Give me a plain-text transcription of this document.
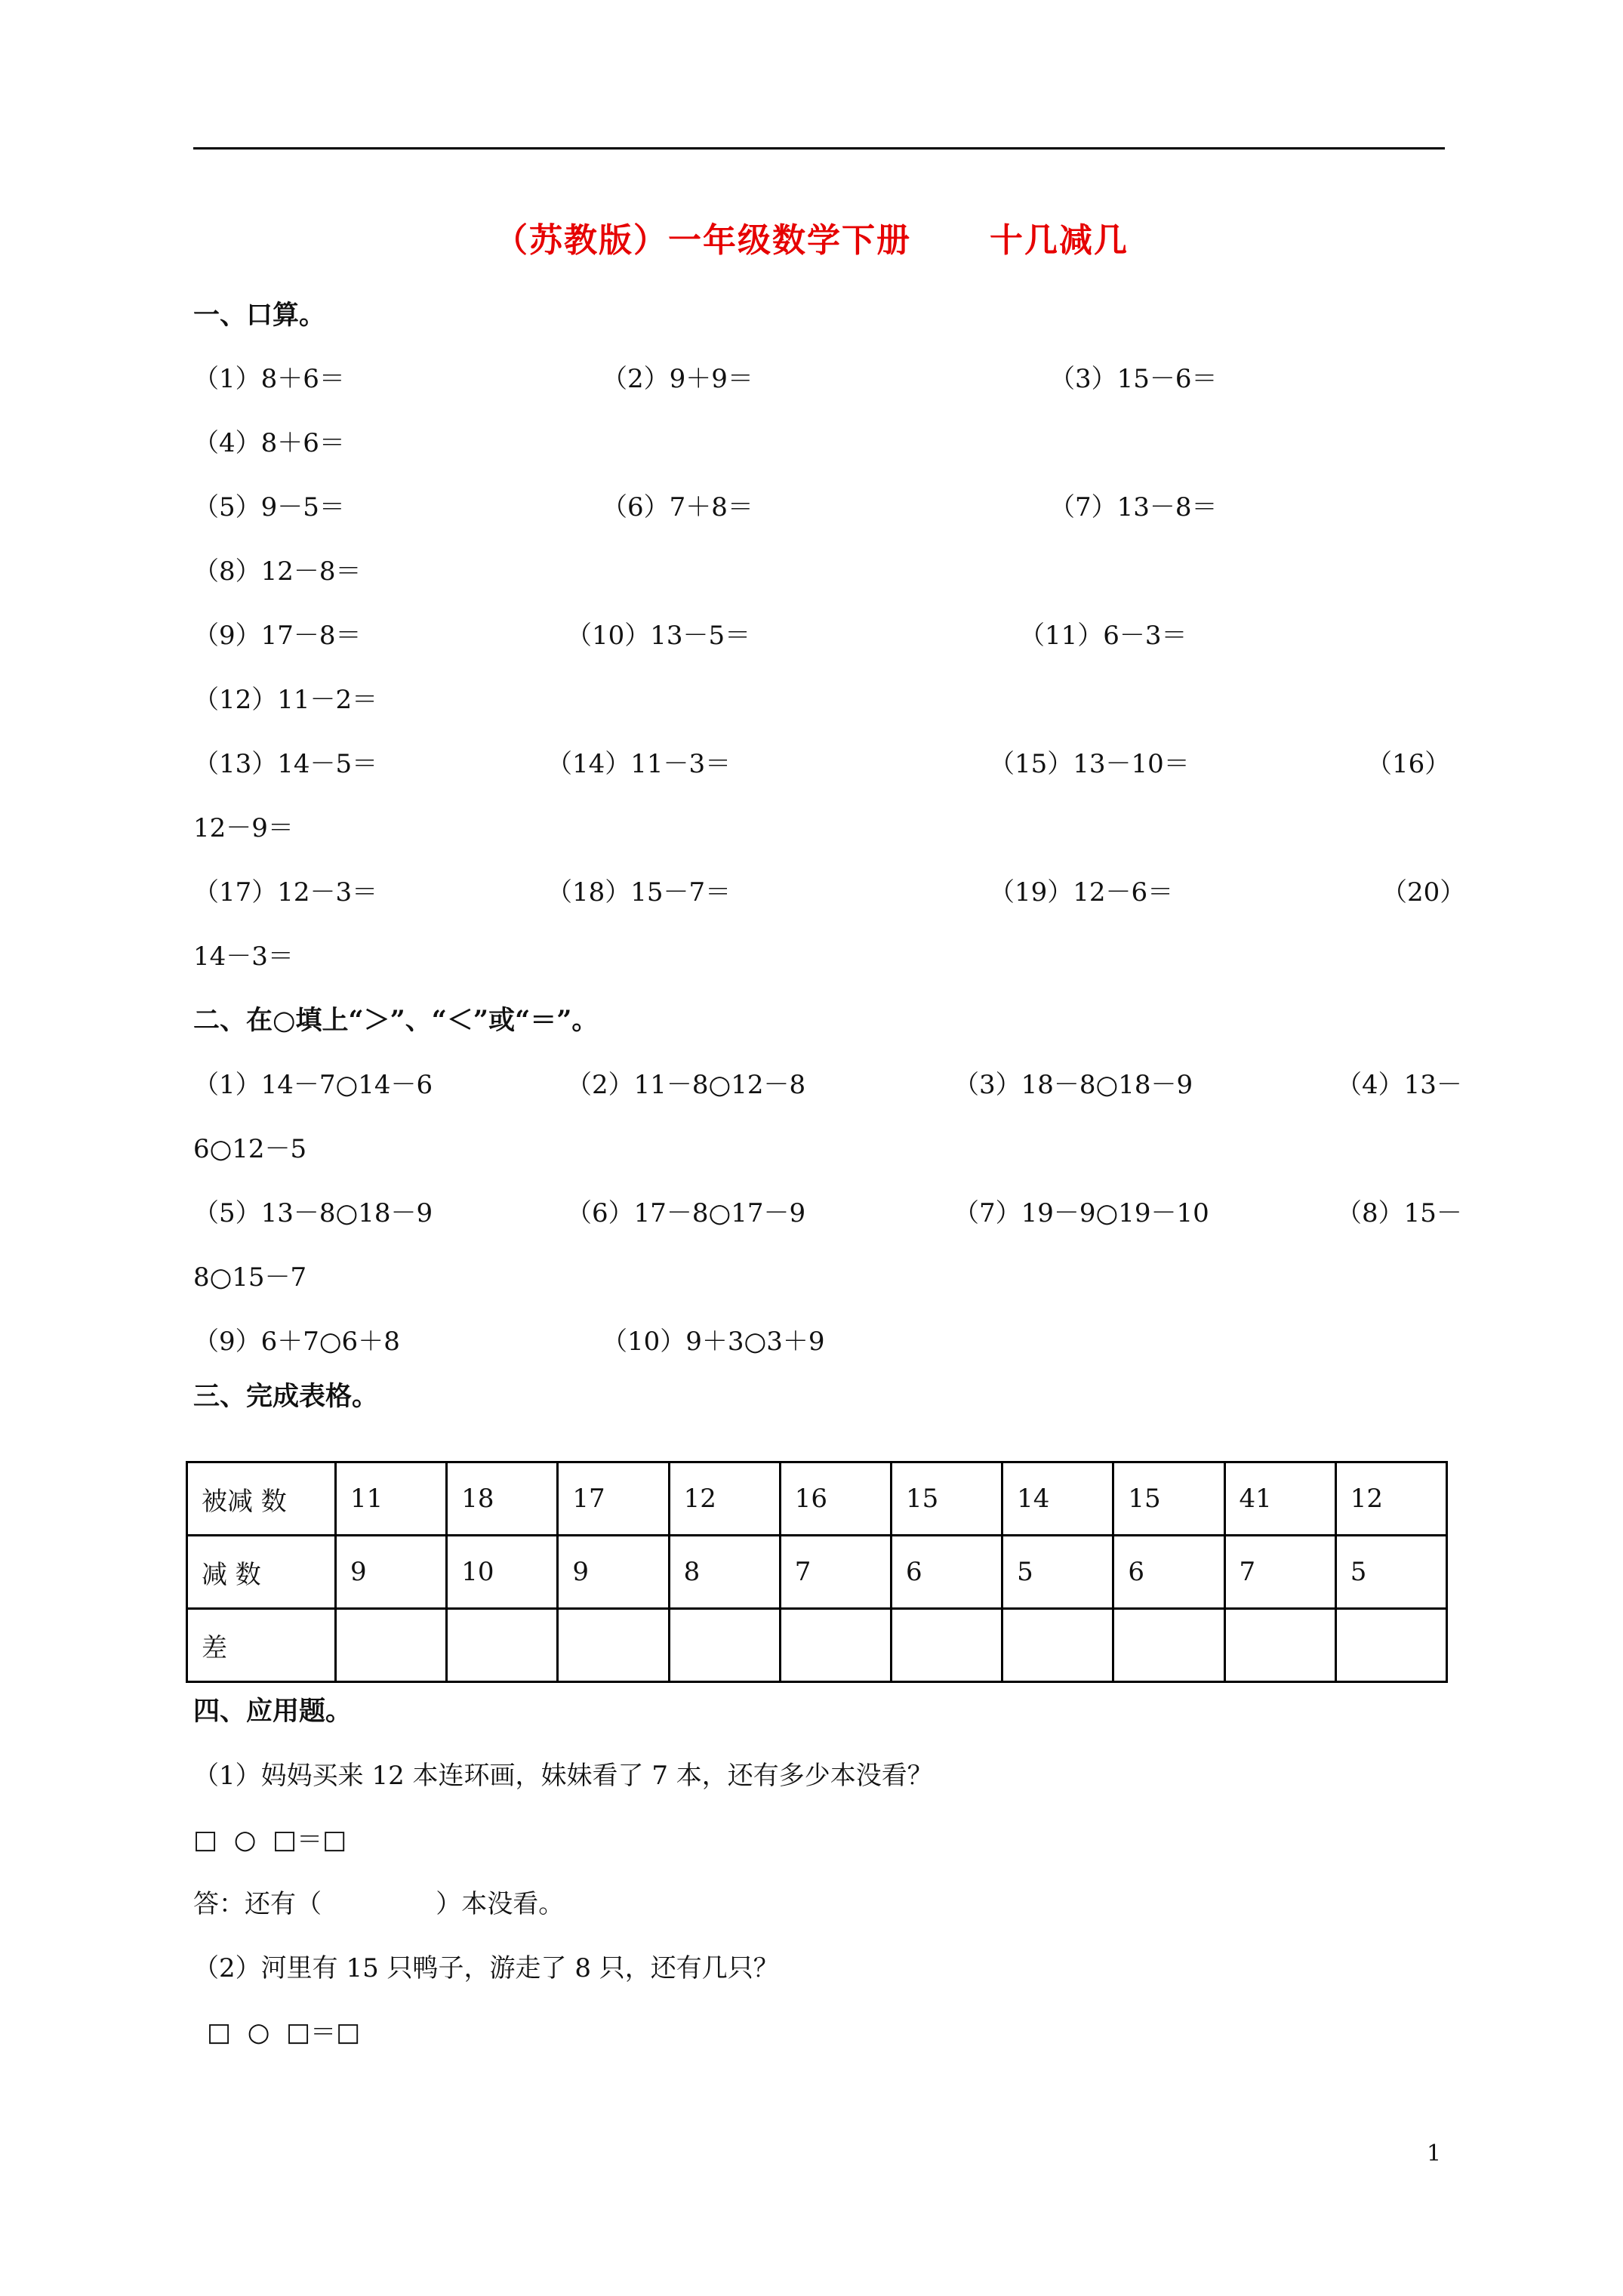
（苏教版）一年级数学下册      十几减几
一、口算。
（1）8＋6＝	（2）9＋9＝	（3）15－6＝
（4）8＋6＝
（5）9－5＝	（6）7＋8＝	（7）13－8＝
（8）12－8＝
（9）17－8＝	（10）13－5＝	（11）6－3＝
（12）11－2＝
（13）14－5＝	（14）11－3＝	（15）13－10＝	（16）
12－9＝
（17）12－3＝	（18）15－7＝	（19）12－6＝	（20）
14－3＝
二、在○填上“＞”、“＜”或“＝”。
（1）14－7○14－6	（2）11－8○12－8	（3）18－8○18－9	（4）13－
6○12－5
（5）13－8○18－9	（6）17－8○17－9	（7）19－9○19－10	（8）15－
8○15－7
（9）6＋7○6＋8	（10）9＋3○3＋9
三、完成表格。
被减 数	11	18	17	12	16	15	14	15	41	12
减 数	9	10	9	8	7	6	5	6	7	5
差										
四、应用题。
（1）妈妈买来 12 本连环画，妹妹看了 7 本，还有多少本没看？
□  ○  □＝□
答：还有（              ）本没看。
（2）河里有 15 只鸭子，游走了 8 只，还有几只？
□  ○  □＝□
1
